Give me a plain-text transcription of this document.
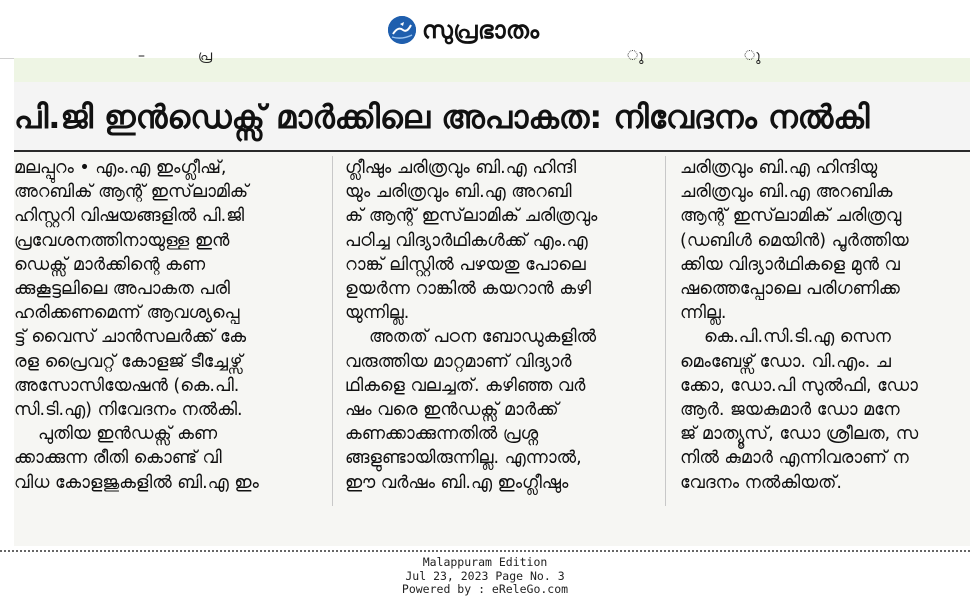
സുപ്രഭാതം
–	പ്ര	ു	ു
പി.ജി ഇൻഡെക്സ് മാർക്കിലെ അപാകത: നിവേദനം നൽകി
മലപ്പുറം • എം.എ ഇംഗ്ലീഷ്,
അറബിക് ആന്റ് ഇസ്‌ലാമിക്
ഹിസ്റ്ററി വിഷയങ്ങളിൽ പി.ജി
പ്രവേശനത്തിനായുള്ള ഇൻ
ഡെക്സ് മാർക്കിന്റെ കണ
ക്കുകൂട്ടലിലെ അപാകത പരി
ഹരിക്കണമെന്ന് ആവശ്യപ്പെ
ട്ട് വൈസ് ചാൻസലർക്ക് കേ
രള പ്രൈവറ്റ് കോളജ് ടീച്ചേഴ്സ്
അസോസിയേഷൻ (കെ.പി.
സി.ടി.എ) നിവേദനം നൽകി.
പുതിയ ഇൻഡക്സ് കണ
ക്കാക്കുന്ന രീതി കൊണ്ട് വി
വിധ കോളജുകളിൽ ബി.എ ഇം
ഗ്ലീഷും ചരിത്രവും ബി.എ ഹിന്ദി
യും ചരിത്രവും ബി.എ അറബി
ക് ആന്റ് ഇസ്‌ലാമിക് ചരിത്രവും
പഠിച്ച വിദ്യാർഥികൾക്ക് എം.എ
റാങ്ക് ലിസ്റ്റിൽ പഴയതു പോലെ
ഉയർന്ന റാങ്കിൽ കയറാൻ കഴി
യുന്നില്ല.
അതത് പഠന ബോഡുകളിൽ
വരുത്തിയ മാറ്റമാണ് വിദ്യാർ
ഥികളെ വലച്ചത്. കഴിഞ്ഞ വർ
ഷം വരെ ഇൻഡക്സ് മാർക്ക്
കണക്കാക്കുന്നതിൽ പ്രശ്ന
ങ്ങളുണ്ടായിരുന്നില്ല. എന്നാൽ,
ഈ വർഷം ബി.എ ഇംഗ്ലീഷും
ചരിത്രവും ബി.എ ഹിന്ദിയു
ചരിത്രവും ബി.എ അറബിക
ആന്റ് ഇസ്‌ലാമിക് ചരിത്രവു
(ഡബിൾ മെയിൻ) പൂർത്തിയ
ക്കിയ വിദ്യാർഥികളെ മുൻ വ
ഷത്തെപ്പോലെ പരിഗണിക്ക
ന്നില്ല.
കെ.പി.സി.ടി.എ സെന
മെംബേഴ്സ് ഡോ. വി.എം. ച
ക്കോ, ഡോ.പി സുൽഫി, ഡോ
ആർ. ജയകുമാർ ഡോ മനേ
ജ് മാത്യൂസ്, ഡോ ശ്രീലത, സ
നിൽ കുമാർ എന്നിവരാണ് ന
വേദനം നൽകിയത്.
Malappuram Edition
Jul 23, 2023 Page No. 3
Powered by : eReleGo.com
